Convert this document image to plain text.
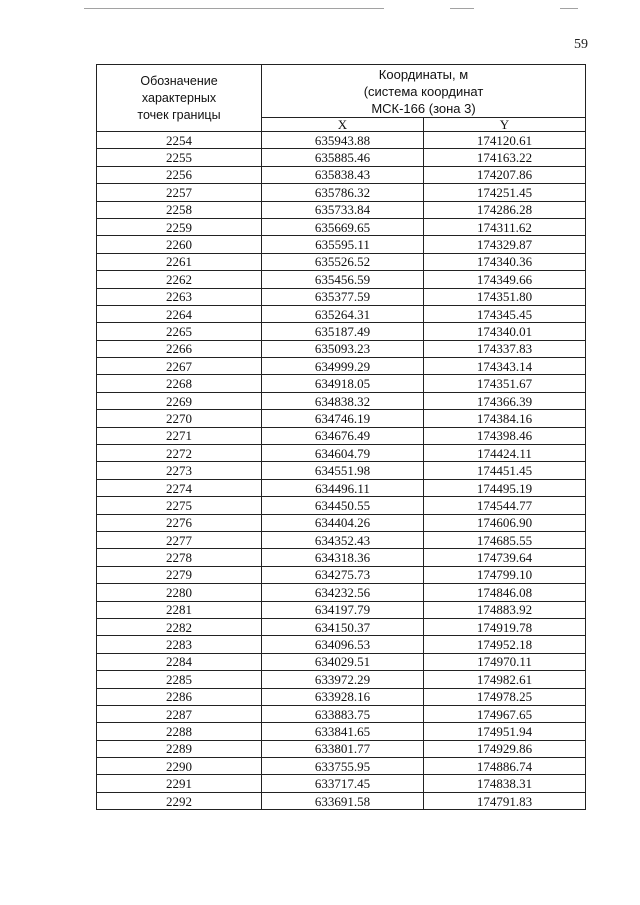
59
Обозначение
характерных
точек границы	Координаты, м
(система координат
МСК-166 (зона 3)	

	X	Y
2254	635943.88	174120.61
2255	635885.46	174163.22
2256	635838.43	174207.86
2257	635786.32	174251.45
2258	635733.84	174286.28
2259	635669.65	174311.62
2260	635595.11	174329.87
2261	635526.52	174340.36
2262	635456.59	174349.66
2263	635377.59	174351.80
2264	635264.31	174345.45
2265	635187.49	174340.01
2266	635093.23	174337.83
2267	634999.29	174343.14
2268	634918.05	174351.67
2269	634838.32	174366.39
2270	634746.19	174384.16
2271	634676.49	174398.46
2272	634604.79	174424.11
2273	634551.98	174451.45
2274	634496.11	174495.19
2275	634450.55	174544.77
2276	634404.26	174606.90
2277	634352.43	174685.55
2278	634318.36	174739.64
2279	634275.73	174799.10
2280	634232.56	174846.08
2281	634197.79	174883.92
2282	634150.37	174919.78
2283	634096.53	174952.18
2284	634029.51	174970.11
2285	633972.29	174982.61
2286	633928.16	174978.25
2287	633883.75	174967.65
2288	633841.65	174951.94
2289	633801.77	174929.86
2290	633755.95	174886.74
2291	633717.45	174838.31
2292	633691.58	174791.83
